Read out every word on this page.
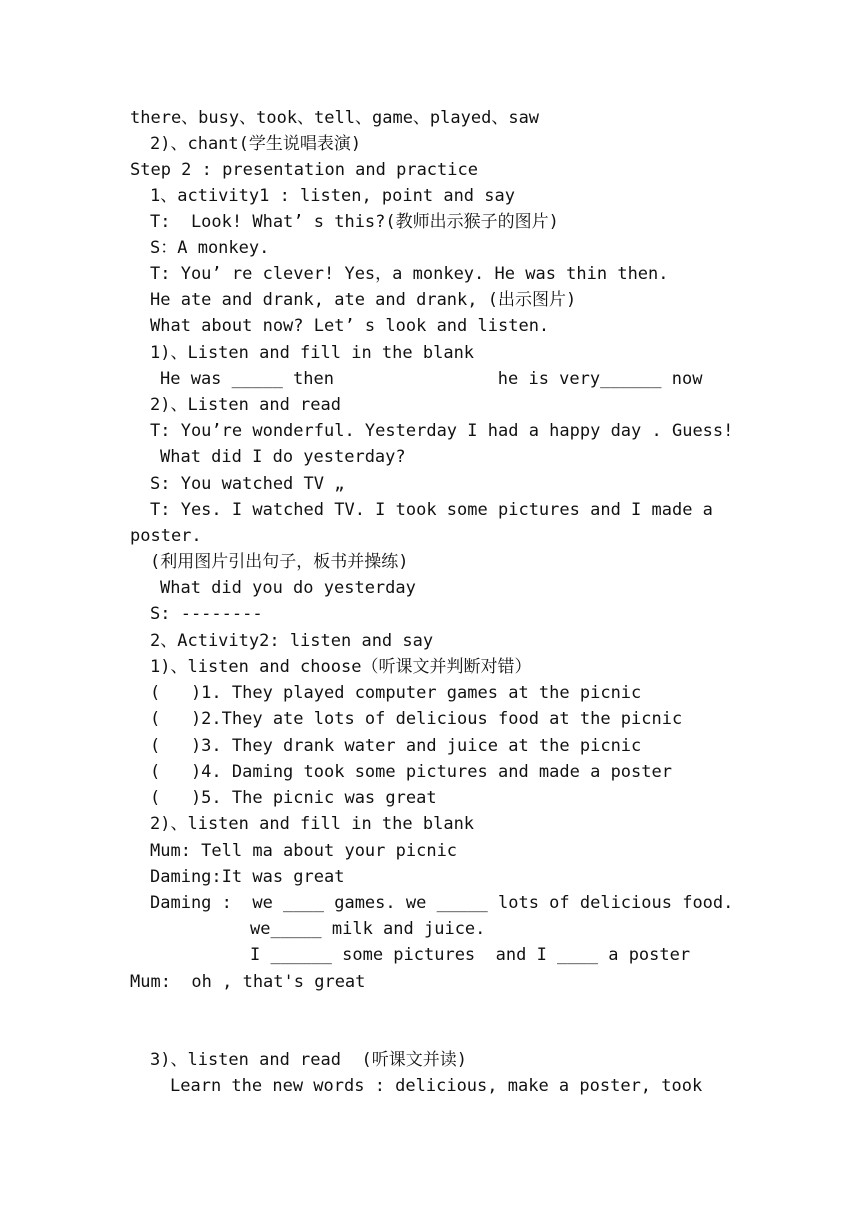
there、busy、took、tell、game、played、saw
2)、chant(学生说唱表演)
Step 2 : presentation and practice
1、activity1 : listen, point and say
T:  Look! What’ s this?(教师出示猴子的图片)
S：A monkey.
T: You’ re clever! Yes，a monkey. He was thin then.
He ate and drank, ate and drank, (出示图片)
What about now? Let’ s look and listen.
1)、Listen and fill in the blank
He was _____ then                he is very______ now
2)、Listen and read
T: You’re wonderful. Yesterday I had a happy day . Guess!
What did I do yesterday?
S: You watched TV „
T: Yes. I watched TV. I took some pictures and I made a
poster.
(利用图片引出句子，板书并操练)
What did you do yesterday
S: --------
2、Activity2: listen and say
1)、listen and choose（听课文并判断对错）
(   )1. They played computer games at the picnic
(   )2.They ate lots of delicious food at the picnic
(   )3. They drank water and juice at the picnic
(   )4. Daming took some pictures and made a poster
(   )5. The picnic was great
2)、listen and fill in the blank
Mum: Tell ma about your picnic
Daming:It was great
Daming :  we ____ games. we _____ lots of delicious food.
we_____ milk and juice.
I ______ some pictures  and I ____ a poster
Mum:  oh , that's great
3)、listen and read  (听课文并读)
Learn the new words : delicious, make a poster, took
